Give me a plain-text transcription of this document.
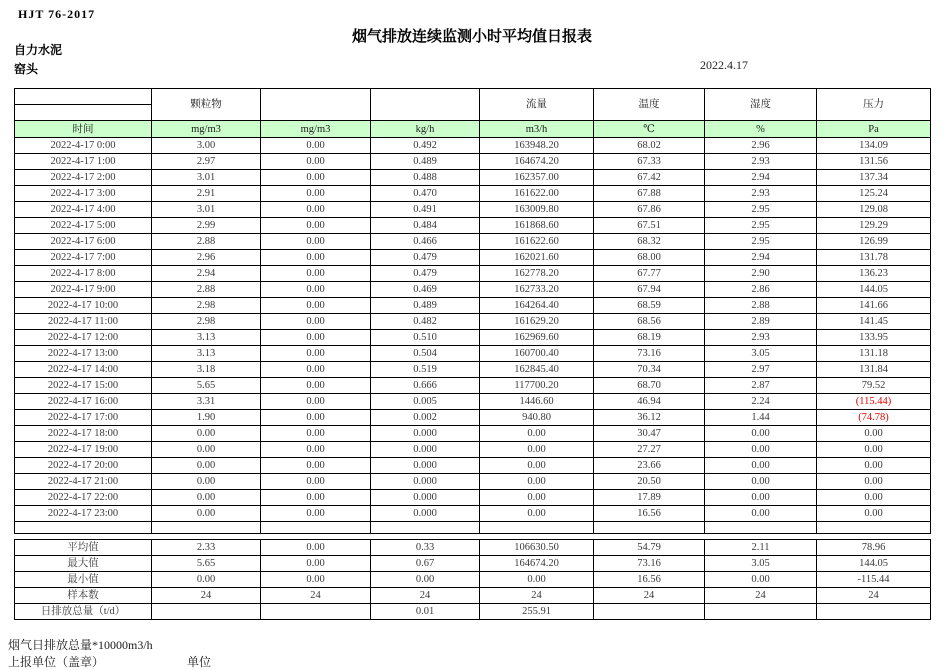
HJT 76-2017
烟气排放连续监测小时平均值日报表
自力水泥
窑头	2022.4.17
	颗粒物			流量	温度	湿度	压力

时间	mg/m3	mg/m3	kg/h	m3/h	℃	%	Pa
2022-4-17 0:00	3.00	0.00	0.492	163948.20	68.02	2.96	134.09
2022-4-17 1:00	2.97	0.00	0.489	164674.20	67.33	2.93	131.56
2022-4-17 2:00	3.01	0.00	0.488	162357.00	67.42	2.94	137.34
2022-4-17 3:00	2.91	0.00	0.470	161622.00	67.88	2.93	125.24
2022-4-17 4:00	3.01	0.00	0.491	163009.80	67.86	2.95	129.08
2022-4-17 5:00	2.99	0.00	0.484	161868.60	67.51	2.95	129.29
2022-4-17 6:00	2.88	0.00	0.466	161622.60	68.32	2.95	126.99
2022-4-17 7:00	2.96	0.00	0.479	162021.60	68.00	2.94	131.78
2022-4-17 8:00	2.94	0.00	0.479	162778.20	67.77	2.90	136.23
2022-4-17 9:00	2.88	0.00	0.469	162733.20	67.94	2.86	144.05
2022-4-17 10:00	2.98	0.00	0.489	164264.40	68.59	2.88	141.66
2022-4-17 11:00	2.98	0.00	0.482	161629.20	68.56	2.89	141.45
2022-4-17 12:00	3.13	0.00	0.510	162969.60	68.19	2.93	133.95
2022-4-17 13:00	3.13	0.00	0.504	160700.40	73.16	3.05	131.18
2022-4-17 14:00	3.18	0.00	0.519	162845.40	70.34	2.97	131.84
2022-4-17 15:00	5.65	0.00	0.666	117700.20	68.70	2.87	79.52
2022-4-17 16:00	3.31	0.00	0.005	1446.60	46.94	2.24	(115.44)
2022-4-17 17:00	1.90	0.00	0.002	940.80	36.12	1.44	(74.78)
2022-4-17 18:00	0.00	0.00	0.000	0.00	30.47	0.00	0.00
2022-4-17 19:00	0.00	0.00	0.000	0.00	27.27	0.00	0.00
2022-4-17 20:00	0.00	0.00	0.000	0.00	23.66	0.00	0.00
2022-4-17 21:00	0.00	0.00	0.000	0.00	20.50	0.00	0.00
2022-4-17 22:00	0.00	0.00	0.000	0.00	17.89	0.00	0.00
2022-4-17 23:00	0.00	0.00	0.000	0.00	16.56	0.00	0.00

平均值	2.33	0.00	0.33	106630.50	54.79	2.11	78.96
最大值	5.65	0.00	0.67	164674.20	73.16	3.05	144.05
最小值	0.00	0.00	0.00	0.00	16.56	0.00	-115.44
样本数	24	24	24	24	24	24	24
日排放总量（t/d）			0.01	255.91			
烟气日排放总量*10000m3/h
上报单位（盖章）	单位
